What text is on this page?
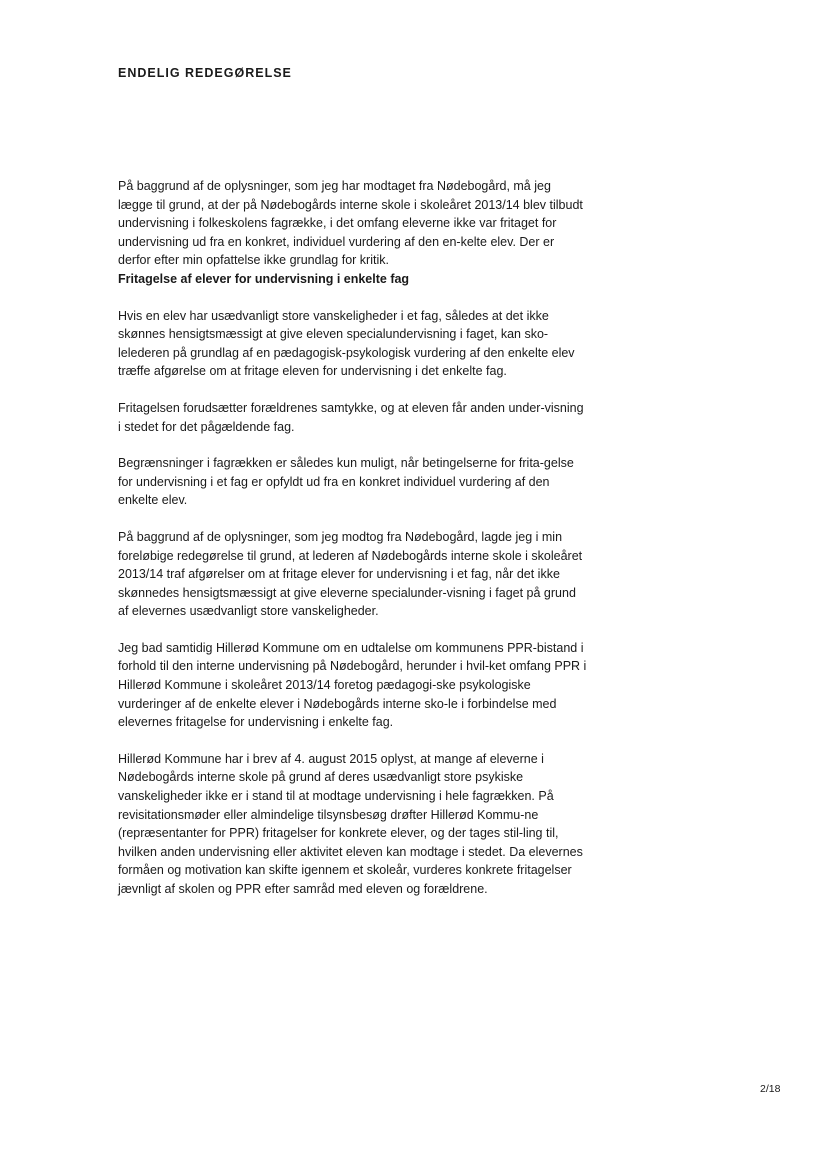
ENDELIG REDEGØRELSE

På baggrund af de oplysninger, som jeg har modtaget fra Nødebogård, må jeg lægge til grund, at der på Nødebogårds interne skole i skoleåret 2013/14 blev tilbudt undervisning i folkeskolens fagrække, i det omfang eleverne ikke var fritaget for undervisning ud fra en konkret, individuel vurdering af den en-kelte elev. Der er derfor efter min opfattelse ikke grundlag for kritik.

Fritagelse af elever for undervisning i enkelte fag

Hvis en elev har usædvanligt store vanskeligheder i et fag, således at det ikke skønnes hensigtsmæssigt at give eleven specialundervisning i faget, kan sko-lelederen på grundlag af en pædagogisk-psykologisk vurdering af den enkelte elev træffe afgørelse om at fritage eleven for undervisning i det enkelte fag.

Fritagelsen forudsætter forældrenes samtykke, og at eleven får anden under-visning i stedet for det pågældende fag.

Begrænsninger i fagrækken er således kun muligt, når betingelserne for frita-gelse for undervisning i et fag er opfyldt ud fra en konkret individuel vurdering af den enkelte elev.

På baggrund af de oplysninger, som jeg modtog fra Nødebogård, lagde jeg i min foreløbige redegørelse til grund, at lederen af Nødebogårds interne skole i skoleåret 2013/14 traf afgørelser om at fritage elever for undervisning i et fag, når det ikke skønnedes hensigtsmæssigt at give eleverne specialunder-visning i faget på grund af elevernes usædvanligt store vanskeligheder.

Jeg bad samtidig Hillerød Kommune om en udtalelse om kommunens PPR-bistand i forhold til den interne undervisning på Nødebogård, herunder i hvil-ket omfang PPR i Hillerød Kommune i skoleåret 2013/14 foretog pædagogi-ske psykologiske vurderinger af de enkelte elever i Nødebogårds interne sko-le i forbindelse med elevernes fritagelse for undervisning i enkelte fag.

Hillerød Kommune har i brev af 4. august 2015 oplyst, at mange af eleverne i Nødebogårds interne skole på grund af deres usædvanligt store psykiske vanskeligheder ikke er i stand til at modtage undervisning i hele fagrækken. På revisitationsmøder eller almindelige tilsynsbesøg drøfter Hillerød Kommu-ne (repræsentanter for PPR) fritagelser for konkrete elever, og der tages stil-ling til, hvilken anden undervisning eller aktivitet eleven kan modtage i stedet. Da elevernes formåen og motivation kan skifte igennem et skoleår, vurderes konkrete fritagelser jævnligt af skolen og PPR efter samråd med eleven og forældrene.

2/18
